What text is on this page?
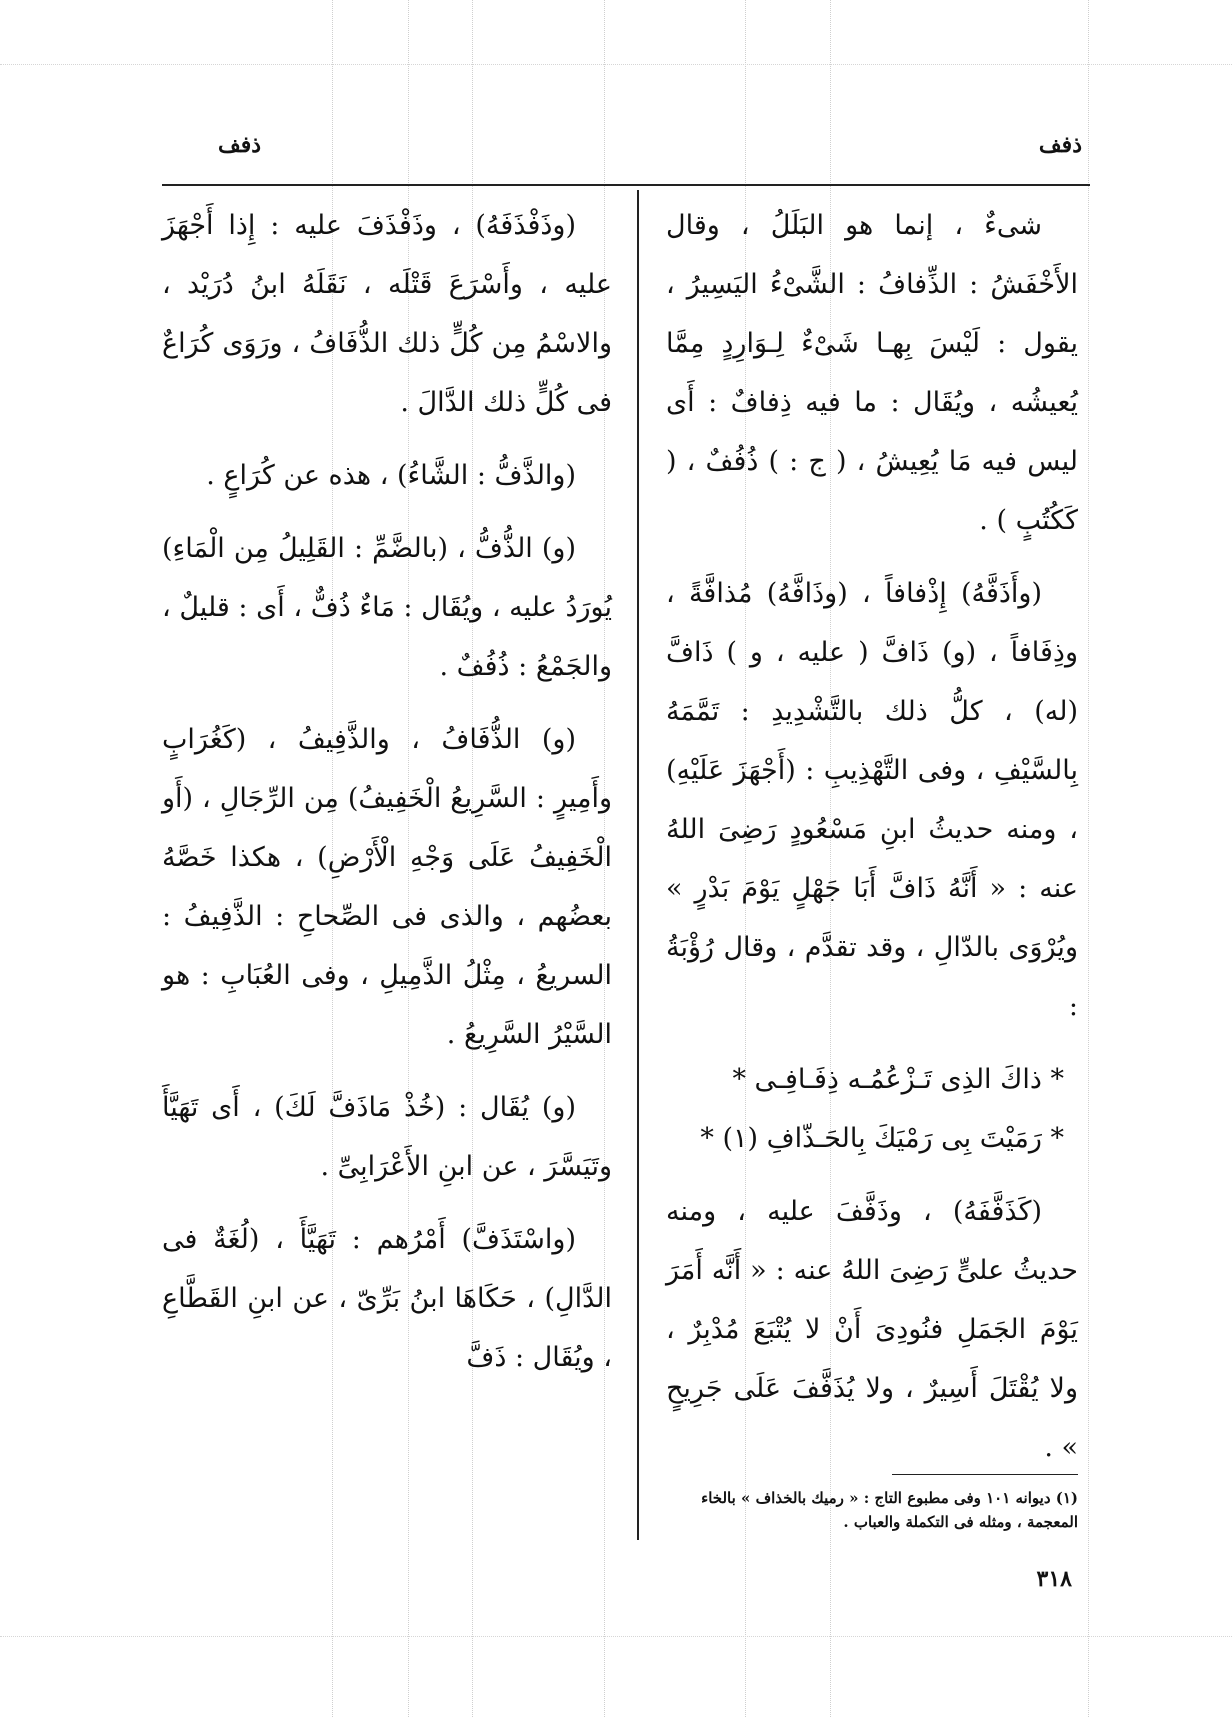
ذفف
ذفف

شىءٌ ، إنما هو البَلَلُ ، وقال الأَخْفَشُ : الذِّفافُ : الشَّىْءُ اليَسِيرُ ، يقول : لَيْسَ بِهـا شَىْءٌ لِـوَارِدٍ مِمَّا يُعيشُه ، ويُقَال : ما فيه ذِفافٌ : أَى ليس فيه مَا يُعِيشُ ، ( ج : ) ذُفُفٌ ، ( كَكُتُبٍ ) .

(وأَذَفَّهُ) إِذْفافاً ، (وذَافَّهُ) مُذافَّةً ، وذِفَافاً ، (و) ذَافَّ ( عليه ، و ) ذَافَّ (له) ، كلُّ ذلك بالتَّشْدِيدِ : تَمَّمَهُ بِالسَّيْفِ ، وفى التَّهْذِيبِ : (أَجْهَزَ عَلَيْهِ) ، ومنه حديثُ ابنِ مَسْعُودٍ رَضِىَ اللهُ عنه : « أَنَّهُ ذَافَّ أَبَا جَهْلٍ يَوْمَ بَدْرٍ » ويُرْوَى بالدّالِ ، وقد تقدَّم ، وقال رُؤْبَةُ :

* ذاكَ الذِى تَـزْعُمُـه ذِفَـافِـى *

* رَمَيْتَ بِى رَمْيَكَ بِالحَـذّافِ (١) *

(كَذَفَّفَهُ) ، وذَفَّفَ عليه ، ومنه حديثُ علىٍّ رَضِىَ اللهُ عنه : « أَنَّه أَمَرَ يَوْمَ الجَمَلِ فنُودِىَ أَنْ لا يُتْبَعَ مُدْبِرٌ ، ولا يُقْتَلَ أَسِيرٌ ، ولا يُذَفَّفَ عَلَى جَرِيحٍ » .

(وذَفْذَفَهُ) ، وذَفْذَفَ عليه : إِذا أَجْهَزَ عليه ، وأَسْرَعَ قَتْلَه ، نَقَلَهُ ابنُ دُرَيْد ، والاسْمُ مِن كُلٍّ ذلك الذُّفَافُ ، ورَوَى كُرَاعٌ فى كُلٍّ ذلك الدَّالَ .

(والذَّفُّ : الشَّاءُ) ، هذه عن كُرَاعٍ .

(و) الذُّفُّ ، (بالضَّمِّ : القَلِيلُ مِن الْمَاءِ) يُورَدُ عليه ، ويُقَال : مَاءٌ ذُفٌّ ، أَى : قليلٌ ، والجَمْعُ : ذُفُفٌ .

(و) الذُّفَافُ ، والذَّفِيفُ ، (كَغُرَابٍ وأَمِيرٍ : السَّرِيعُ الْخَفِيفُ) مِن الرِّجَالِ ، (أَو الْخَفِيفُ عَلَى وَجْهِ الْأَرْضِ) ، هكذا خَصَّهُ بعضُهم ، والذى فى الصِّحاحِ : الذَّفِيفُ : السريعُ ، مِثْلُ الذَّمِيلِ ، وفى العُبَابِ : هو السَّيْرُ السَّرِيعُ .

(و) يُقَال : (خُذْ مَاذَفَّ لَكَ) ، أَى تَهَيَّأَ وتَيَسَّرَ ، عن ابنِ الأَعْرَابِىِّ .

(واسْتَذَفَّ) أَمْرُهم : تَهَيَّأَ ، (لُغَةٌ فى الدَّالِ) ، حَكَاهَا ابنُ بَرِّىّ ، عن ابنِ القَطَّاعِ ، ويُقَال : ذَفَّ

(١) ديوانه ١٠١ وفى مطبوع التاج : « رميك بالخذاف » بالخاء المعجمة ، ومثله فى التكملة والعباب .
٣١٨
